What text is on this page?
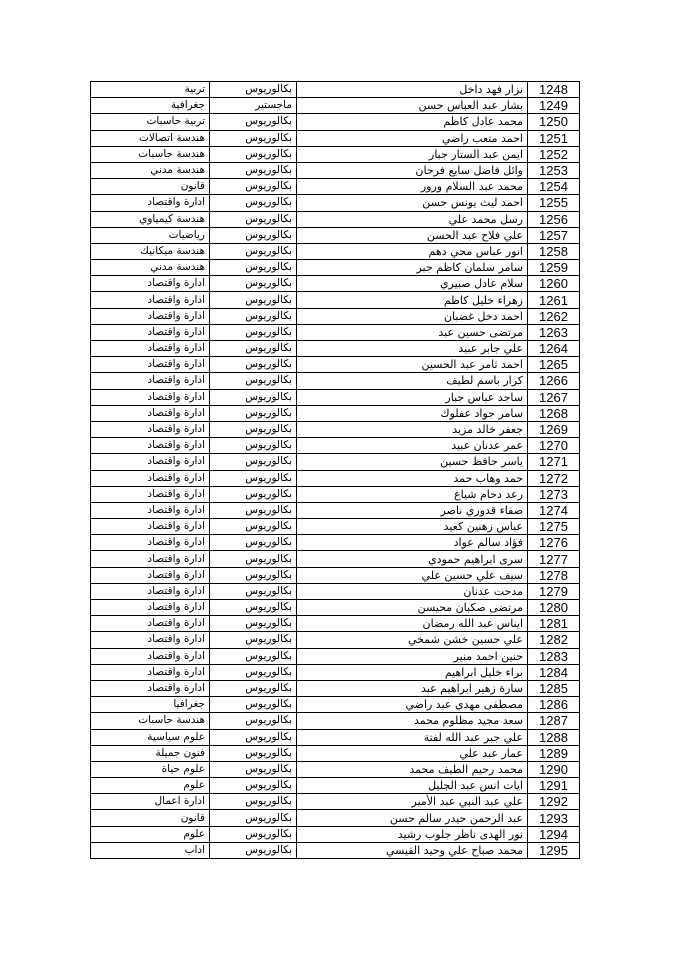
تربية	بكالوريوس	نزار فهد داخل	1248
جغرافية	ماجستير	بشار عبد العباس حسن	1249
تربية حاسبات	بكالوريوس	محمد عادل كاظم	1250
هندسة اتصالات	بكالوريوس	احمد متعب راضي	1251
هندسة حاسبات	بكالوريوس	ايمن عبد الستار جبار	1252
هندسة مدني	بكالوريوس	وائل فاضل سايع فرحان	1253
قانون	بكالوريوس	محمد عبد السلام ورور	1254
ادارة واقتصاد	بكالوريوس	احمد ليث يونس حسن	1255
هندسة كيمياوي	بكالوريوس	رسل محمد علي	1256
رياضيات	بكالوريوس	علي فلاح عبد الحسن	1257
هندسة ميكانيك	بكالوريوس	انور عباس محي دهم	1258
هندسة مدني	بكالوريوس	سامر سلمان كاظم جبر	1259
ادارة واقتصاد	بكالوريوس	سلام عادل صبيري	1260
ادارة واقتصاد	بكالوريوس	زهراء خليل كاظم	1261
ادارة واقتصاد	بكالوريوس	احمد دخل غضبان	1262
ادارة واقتصاد	بكالوريوس	مرتضى حسين عبد	1263
ادارة واقتصاد	بكالوريوس	علي جابر عبيد	1264
ادارة واقتصاد	بكالوريوس	احمد ثامر عبد الحسين	1265
ادارة واقتصاد	بكالوريوس	كرار باسم لطيف	1266
ادارة واقتصاد	بكالوريوس	ساجد عباس جبار	1267
ادارة واقتصاد	بكالوريوس	سامر جواد عفلوك	1268
ادارة واقتصاد	بكالوريوس	جعفر خالد مزيد	1269
ادارة واقتصاد	بكالوريوس	عمر عدنان عبيد	1270
ادارة واقتصاد	بكالوريوس	ياسر حافظ حسين	1271
ادارة واقتصاد	بكالوريوس	حمد وهاب حمد	1272
ادارة واقتصاد	بكالوريوس	رعد دحام شياع	1273
ادارة واقتصاد	بكالوريوس	صفاء قدوري ناصر	1274
ادارة واقتصاد	بكالوريوس	عباس زهنين كعيد	1275
ادارة واقتصاد	بكالوريوس	فؤاد سالم عواد	1276
ادارة واقتصاد	بكالوريوس	سرى ابراهيم حمودي	1277
ادارة واقتصاد	بكالوريوس	سيف علي حسين علي	1278
ادارة واقتصاد	بكالوريوس	مدحت عدنان	1279
ادارة واقتصاد	بكالوريوس	مرتضى صكبان محيسن	1280
ادارة واقتصاد	بكالوريوس	ايناس عبد الله رمضان	1281
ادارة واقتصاد	بكالوريوس	علي حسين خشن شمخي	1282
ادارة واقتصاد	بكالوريوس	حنين احمد منير	1283
ادارة واقتصاد	بكالوريوس	براء خليل ابراهيم	1284
ادارة واقتصاد	بكالوريوس	سارة زهير ابراهيم عبد	1285
جغرافيا	بكالوريوس	مصطفى مهدي عبد راضي	1286
هندسة حاسبات	بكالوريوس	سعد مجيد مظلوم محمد	1287
علوم سياسية	بكالوريوس	علي جبر عبد الله لفتة	1288
فنون جميلة	بكالوريوس	عمار عبد علي	1289
علوم حياة	بكالوريوس	محمد رحيم الطيف محمد	1290
علوم	بكالوريوس	ايات انس عبد الجليل	1291
ادارة اعمال	بكالوريوس	علي عبد النبي عبد الأمير	1292
قانون	بكالوريوس	عبد الرحمن حيدر سالم حسن	1293
علوم	بكالوريوس	نور الهدى ناظر جلوب رشيد	1294
اداب	بكالوريوس	محمد صباح علي وحيد القيسي	1295
